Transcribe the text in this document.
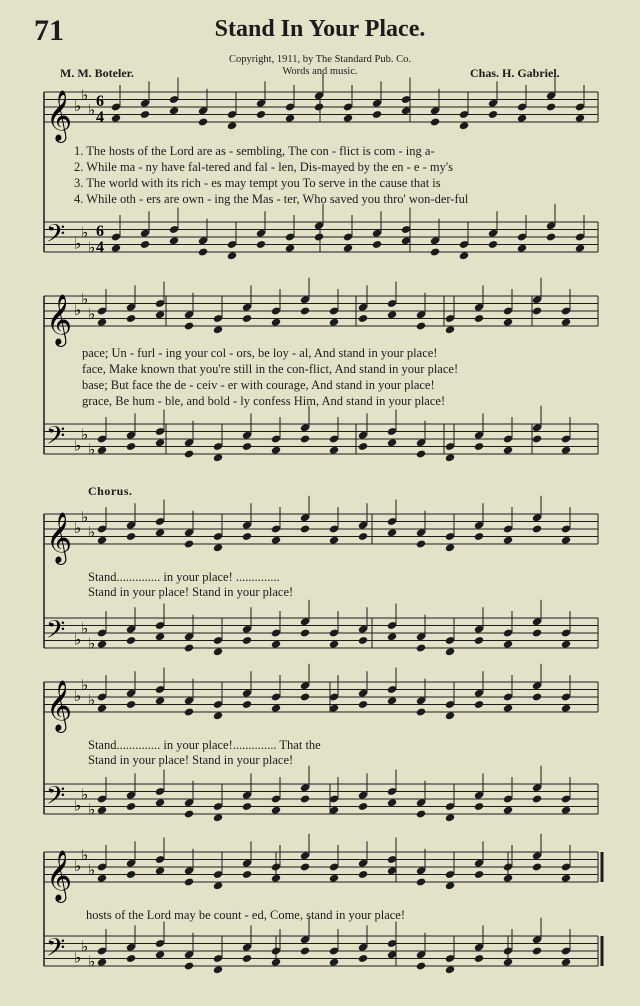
71	Stand In Your Place.
Copyright, 1911, by The Standard Pub. Co.
Words and music.
M. M. Boteler.	Chas. H. Gabriel.
𝄞 ♭
♭
♭ 6
4
𝄢 ♭
♭
♭
6
4
1. The hosts of the Lord are as - sembling, The con - flict is com - ing a-
2. While ma - ny have fal-tered and fal - len, Dis-mayed by the en - e - my's
3. The world with its rich - es may tempt you To serve in the cause that is
4. While oth - ers are own - ing the Mas - ter, Who saved you thro' won-der-ful
𝄞 ♭
♭
♭
𝄢 ♭
♭
♭
pace; Un - furl - ing your col - ors, be loy - al, And stand in your place!
face, Make known that you're still in the con-flict, And stand in your place!
base; But face the de - ceiv - er with courage, And stand in your place!
grace, Be hum - ble, and bold - ly confess Him, And stand in your place!
Chorus.
𝄞 ♭
♭
♭
𝄢 ♭
♭
♭
Stand.............. in your place! ..............
Stand in your place! Stand in your place!
𝄞 ♭
♭
♭
𝄢 ♭
♭
♭
Stand.............. in your place!.............. That the
Stand in your place! Stand in your place!
𝄞 ♭
♭
♭
𝄢 ♭
♭
♭
hosts of the Lord may be count - ed, Come, stand in your place!
